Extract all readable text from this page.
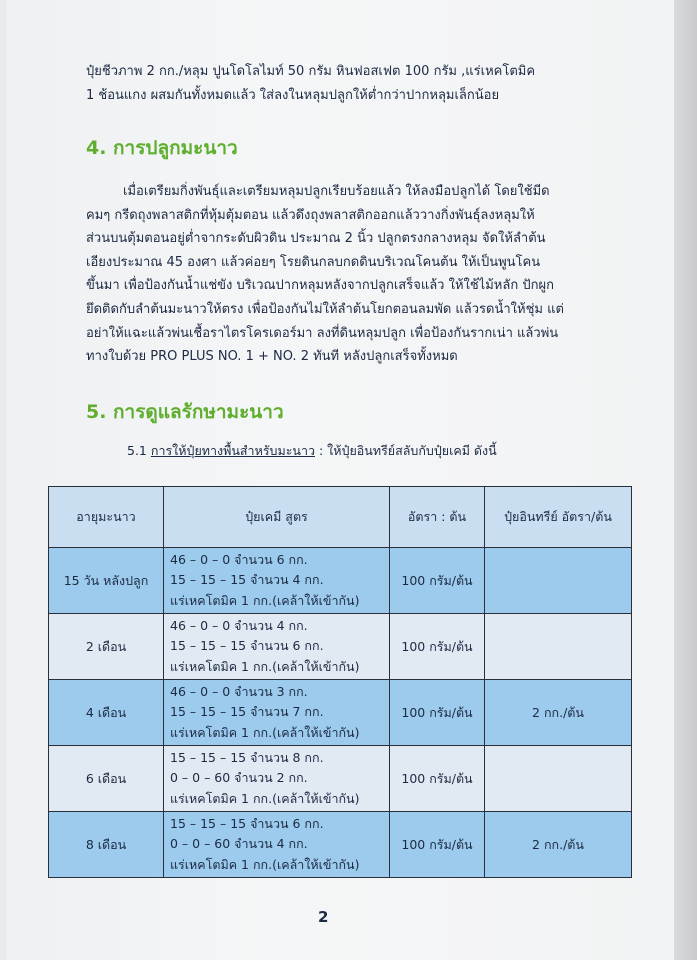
ปุ๋ยชีวภาพ 2 กก./หลุม ปูนโดโลไมท์ 50 กรัม หินฟอสเฟต 100 กรัม ,แร่เหคโตมิค

1 ช้อนแกง ผสมกันทั้งหมดแล้ว ใส่ลงในหลุมปลูกให้ต่ำกว่าปากหลุมเล็กน้อย

4. การปลูกมะนาว

เมื่อเตรียมกิ่งพันธุ์และเตรียมหลุมปลูกเรียบร้อยแล้ว ให้ลงมือปลูกได้ โดยใช้มีด

คมๆ กรีดถุงพลาสติกที่หุ้มตุ้มตอน แล้วดึงถุงพลาสติกออกแล้ววางกิ่งพันธุ์ลงหลุมให้

ส่วนบนตุ้มตอนอยู่ต่ำจากระดับผิวดิน ประมาณ 2 นิ้ว ปลูกตรงกลางหลุม จัดให้ลำต้น

เอียงประมาณ 45 องศา แล้วค่อยๆ โรยดินกลบกดดินบริเวณโคนต้น ให้เป็นพูนโคน

ขึ้นมา เพื่อป้องกันน้ำแช่ขัง บริเวณปากหลุมหลังจากปลูกเสร็จแล้ว ให้ใช้ไม้หลัก ปักผูก

ยึดติดกับลำต้นมะนาวให้ตรง เพื่อป้องกันไม่ให้ลำต้นโยกตอนลมพัด แล้วรดน้ำให้ชุ่ม แต่

อย่าให้แฉะแล้วพ่นเชื้อราไตรโครเดอร์มา ลงที่ดินหลุมปลูก เพื่อป้องกันรากเน่า แล้วพ่น

ทางใบด้วย PRO PLUS NO. 1 + NO. 2 ทันที หลังปลูกเสร็จทั้งหมด

5. การดูแลรักษามะนาว
5.1 การให้ปุ๋ยทางพื้นสำหรับมะนาว : ให้ปุ๋ยอินทรีย์สลับกับปุ๋ยเคมี ดังนี้
อายุมะนาว	ปุ๋ยเคมี สูตร	อัตรา : ต้น	ปุ๋ยอินทรีย์ อัตรา/ต้น
15 วัน หลังปลูก	46 – 0 – 0 จำนวน 6 กก.
15 – 15 – 15 จำนวน 4 กก.
แร่เหคโตมิค 1 กก.(เคล้าให้เข้ากัน)	100 กรัม/ต้น	
2 เดือน	46 – 0 – 0 จำนวน 4 กก.
15 – 15 – 15 จำนวน 6 กก.
แร่เหคโตมิค 1 กก.(เคล้าให้เข้ากัน)	100 กรัม/ต้น	
4 เดือน	46 – 0 – 0 จำนวน 3 กก.
15 – 15 – 15 จำนวน 7 กก.
แร่เหคโตมิค 1 กก.(เคล้าให้เข้ากัน)	100 กรัม/ต้น	2 กก./ต้น
6 เดือน	15 – 15 – 15 จำนวน 8 กก.
0 – 0 – 60 จำนวน 2 กก.
แร่เหคโตมิค 1 กก.(เคล้าให้เข้ากัน)	100 กรัม/ต้น	
8 เดือน	15 – 15 – 15 จำนวน 6 กก.
0 – 0 – 60 จำนวน 4 กก.
แร่เหคโตมิค 1 กก.(เคล้าให้เข้ากัน)	100 กรัม/ต้น	2 กก./ต้น
2
